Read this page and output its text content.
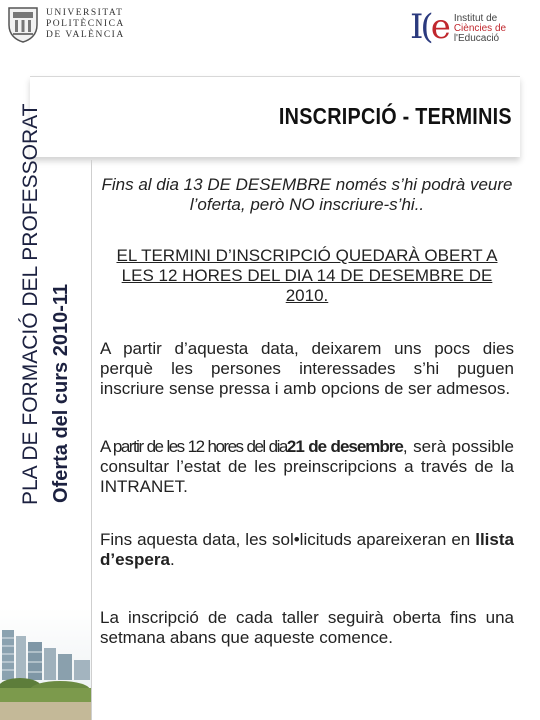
UNIVERSITAT
POLITÈCNICA
DE VALÈNCIA	I(e Institut de
Ciències de
l'Educació
INSCRIPCIÓ - TERMINIS
PLA DE FORMACIÓ DEL PROFESSORAT Oferta del curs 2010-11

Fins al dia 13 DE DESEMBRE només s’hi podrà veure l’oferta, però NO inscriure-s’hi..

EL TERMINI D’INSCRIPCIÓ QUEDARÀ OBERT A LES 12 HORES DEL DIA 14 DE DESEMBRE DE 2010.

A partir d’aquesta data, deixarem uns pocs dies perquè les persones interessades s’hi puguen inscriure sense pressa i amb opcions de ser admesos.

A partir de les 12 hores del dia21 de desembre, serà possible consultar l’estat de les preinscripcions a través de la INTRANET.

Fins aquesta data, les sol•licituds apareixeran en llista d’espera.

La inscripció de cada taller seguirà oberta fins una setmana abans que aqueste comence.
